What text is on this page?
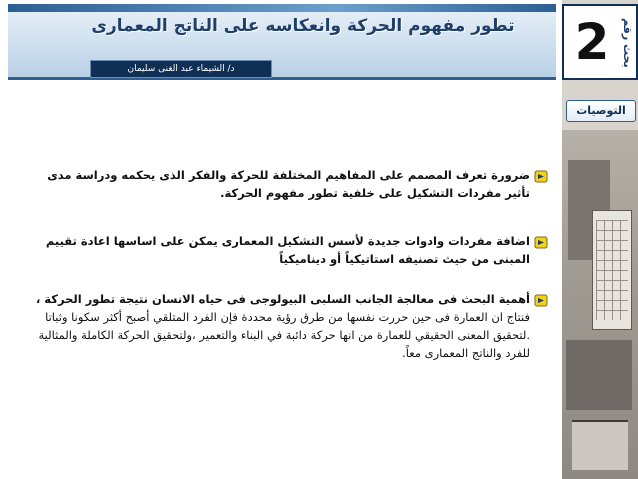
تطور مفهوم الحركة وانعكاسه على الناتج المعمارى
د/ الشيماء عبد الغنى سليمان	2	بحث رقم
التوصيات
ضرورة تعرف المصمم على المفاهيم المختلفة للحركة والفكر الذى يحكمه ودراسة مدى تأثير مفردات التشكيل على خلفية تطور مفهوم الحركة.
اضافة مفردات وادوات جديدة لأسس التشكيل المعمارى يمكن على اساسها اعادة تقييم المبنى من حيث تصنيفه استاتيكياً أو ديناميكياً
أهمية البحث فى معالجة الجانب السلبى البيولوجى فى حياه الانسان نتيجة تطور الحركة ، فنتاج ان العمارة فى حين حررت نفسها من طرق رؤية محددة فإن الفرد المتلقي أصبح أكثر سكونا وثباتا .لتحقيق المعنى الحقيقي للعمارة من انها حركة دائبة في البناء والتعمير ،ولتحقيق الحركة الكاملة والمثالية للفرد والناتج المعمارى معاً.
